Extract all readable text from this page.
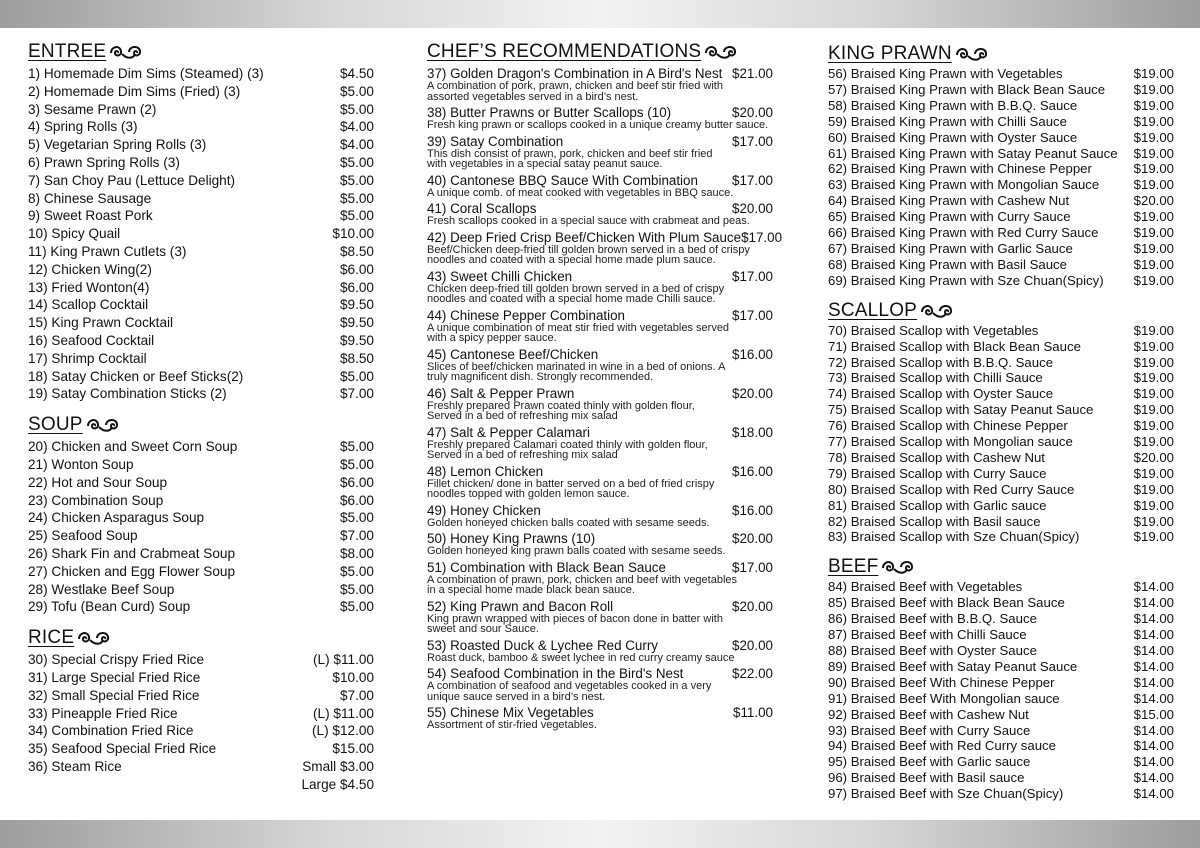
ENTREE
1) Homemade Dim Sims (Steamed) (3)	$4.50
2) Homemade Dim Sims (Fried) (3)	$5.00
3) Sesame Prawn (2)	$5.00
4) Spring Rolls (3)	$4.00
5) Vegetarian Spring Rolls (3)	$4.00
6) Prawn Spring Rolls (3)	$5.00
7) San Choy Pau (Lettuce Delight)	$5.00
8) Chinese Sausage	$5.00
9) Sweet Roast Pork	$5.00
10) Spicy Quail	$10.00
11) King Prawn Cutlets (3)	$8.50
12) Chicken Wing(2)	$6.00
13) Fried Wonton(4)	$6.00
14) Scallop Cocktail	$9.50
15) King Prawn Cocktail	$9.50
16) Seafood Cocktail	$9.50
17) Shrimp Cocktail	$8.50
18) Satay Chicken or Beef Sticks(2)	$5.00
19) Satay Combination Sticks (2)	$7.00
SOUP
20) Chicken and Sweet Corn Soup	$5.00
21) Wonton Soup	$5.00
22) Hot and Sour Soup	$6.00
23) Combination Soup	$6.00
24) Chicken Asparagus Soup	$5.00
25) Seafood Soup	$7.00
26) Shark Fin and Crabmeat Soup	$8.00
27) Chicken and Egg Flower Soup	$5.00
28) Westlake Beef Soup	$5.00
29) Tofu (Bean Curd) Soup	$5.00
RICE
30) Special Crispy Fried Rice	(L) $11.00
31) Large Special Fried Rice	$10.00
32) Small Special Fried Rice	$7.00
33) Pineapple Fried Rice	(L) $11.00
34) Combination Fried Rice	(L) $12.00
35) Seafood Special Fried Rice	$15.00
36) Steam Rice	Small $3.00
Large $4.50
CHEF’S RECOMMENDATIONS
37) Golden Dragon's Combination in A Bird's Nest $21.00
A combination of pork, prawn, chicken and beef stir fried with
assorted vegetables served in a bird’s nest.
38) Butter Prawns or Butter Scallops (10)	$20.00
Fresh king prawn or scallops cooked in a unique creamy butter sauce.
39) Satay Combination	$17.00
This dish consist of prawn, pork, chicken and beef stir fried
with vegetables in a special satay peanut sauce.
40) Cantonese BBQ Sauce With Combination	$17.00
A unique comb. of meat cooked with vegetables in BBQ sauce.
41) Coral Scallops	$20.00
Fresh scallops cooked in a special sauce with crabmeat and peas.
42) Deep Fried Crisp Beef/Chicken With Plum Sauce $17.00
Beef/Chicken deep-fried till golden brown served in a bed of crispy
noodles and coated with a special home made plum sauce.
43) Sweet Chilli Chicken	$17.00
Chicken deep-fried till golden brown served in a bed of crispy
noodles and coated with a special home made Chilli sauce.
44) Chinese Pepper Combination	$17.00
A unique combination of meat stir fried with vegetables served
with a spicy pepper sauce.
45) Cantonese Beef/Chicken	$16.00
Slices of beef/chicken marinated in wine in a bed of onions. A
truly magnificent dish. Strongly recommended.
46) Salt & Pepper Prawn	$20.00
Freshly prepared Prawn coated thinly with golden flour,
Served in a bed of refreshing mix salad
47) Salt & Pepper Calamari	$18.00
Freshly prepared Calamari coated thinly with golden flour,
Served in a bed of refreshing mix salad
48) Lemon Chicken	$16.00
Fillet chicken/ done in batter served on a bed of fried crispy
noodles topped with golden lemon sauce.
49) Honey Chicken	$16.00
Golden honeyed chicken balls coated with sesame seeds.
50) Honey King Prawns (10)	$20.00
Golden honeyed king prawn balls coated with sesame seeds.
51) Combination with Black Bean Sauce	$17.00
A combination of prawn, pork, chicken and beef with vegetables
in a special home made black bean sauce.
52) King Prawn and Bacon Roll	$20.00
King prawn wrapped with pieces of bacon done in batter with
sweet and sour Sauce.
53) Roasted Duck & Lychee Red Curry	$20.00
Roast duck, bamboo & sweet lychee in red curry creamy sauce
54) Seafood Combination in the Bird's Nest	$22.00
A combination of seafood and vegetables cooked in a very
unique sauce served in a bird’s nest.
55) Chinese Mix Vegetables	$11.00
Assortment of stir-fried vegetables.
KING PRAWN
56) Braised King Prawn with Vegetables	$19.00
57) Braised King Prawn with Black Bean Sauce $19.00
58) Braised King Prawn with B.B.Q. Sauce	$19.00
59) Braised King Prawn with Chilli Sauce	$19.00
60) Braised King Prawn with Oyster Sauce	$19.00
61) Braised King Prawn with Satay Peanut Sauce $19.00
62) Braised King Prawn with Chinese Pepper	$19.00
63) Braised King Prawn with Mongolian Sauce	$19.00
64) Braised King Prawn with Cashew Nut	$20.00
65) Braised King Prawn with Curry Sauce	$19.00
66) Braised King Prawn with Red Curry Sauce	$19.00
67) Braised King Prawn with Garlic Sauce	$19.00
68) Braised King Prawn with Basil Sauce	$19.00
69) Braised King Prawn with Sze Chuan(Spicy) $19.00
SCALLOP
70) Braised Scallop with Vegetables	$19.00
71) Braised Scallop with Black Bean Sauce	$19.00
72) Braised Scallop with B.B.Q. Sauce	$19.00
73) Braised Scallop with Chilli Sauce	$19.00
74) Braised Scallop with Oyster Sauce	$19.00
75) Braised Scallop with Satay Peanut Sauce	$19.00
76) Braised Scallop with Chinese Pepper	$19.00
77) Braised Scallop with Mongolian sauce	$19.00
78) Braised Scallop with Cashew Nut	$20.00
79) Braised Scallop with Curry Sauce	$19.00
80) Braised Scallop with Red Curry Sauce	$19.00
81) Braised Scallop with Garlic sauce	$19.00
82) Braised Scallop with Basil sauce	$19.00
83) Braised Scallop with Sze Chuan(Spicy)	$19.00
BEEF
84) Braised Beef with Vegetables	$14.00
85) Braised Beef with Black Bean Sauce	$14.00
86) Braised Beef with B.B.Q. Sauce	$14.00
87) Braised Beef with Chilli Sauce	$14.00
88) Braised Beef with Oyster Sauce	$14.00
89) Braised Beef with Satay Peanut Sauce	$14.00
90) Braised Beef With Chinese Pepper	$14.00
91) Braised Beef With Mongolian sauce	$14.00
92) Braised Beef with Cashew Nut	$15.00
93) Braised Beef with Curry Sauce	$14.00
94) Braised Beef with Red Curry sauce	$14.00
95) Braised Beef with Garlic sauce	$14.00
96) Braised Beef with Basil sauce	$14.00
97) Braised Beef with Sze Chuan(Spicy)	$14.00
